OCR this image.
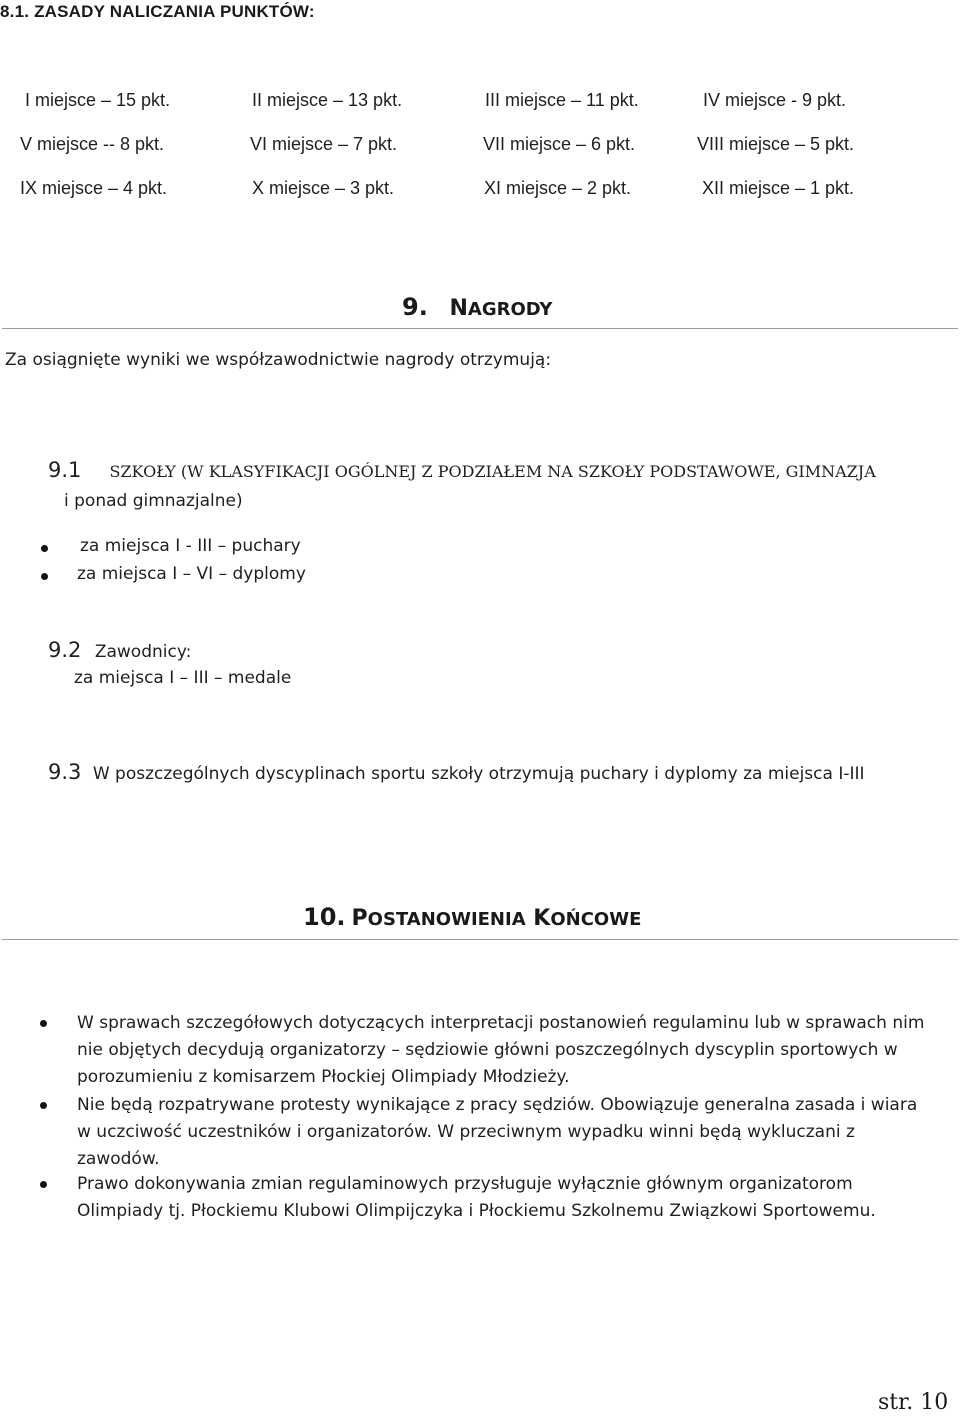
8.1. ZASADY NALICZANIA PUNKTÓW:
I miejsce – 15 pkt.	II miejsce – 13 pkt.	III miejsce – 11 pkt.	IV miejsce - 9 pkt.
V miejsce -- 8 pkt.	VI miejsce – 7 pkt.	VII miejsce – 6 pkt.	VIII miejsce – 5 pkt.
IX miejsce – 4 pkt.	X miejsce – 3 pkt.	XI miejsce – 2 pkt.	XII miejsce – 1 pkt.
9. NAGRODY
Za osiągnięte wyniki we współzawodnictwie nagrody otrzymują:
9.1 SZKOŁY (W KLASYFIKACJI OGÓLNEJ Z PODZIAŁEM NA SZKOŁY PODSTAWOWE, GIMNAZJA
i ponad gimnazjalne)
za miejsca I - III – puchary
za miejsca I – VI – dyplomy
9.2 Zawodnicy:
za miejsca I – III – medale
9.3 W poszczególnych dyscyplinach sportu szkoły otrzymują puchary i dyplomy za miejsca I-III
10. POSTANOWIENIA KOŃCOWE
W sprawach szczegółowych dotyczących interpretacji postanowień regulaminu lub w sprawach nim
nie objętych decydują organizatorzy – sędziowie główni poszczególnych dyscyplin sportowych w
porozumieniu z komisarzem Płockiej Olimpiady Młodzieży.
Nie będą rozpatrywane protesty wynikające z pracy sędziów. Obowiązuje generalna zasada i wiara
w uczciwość uczestników i organizatorów. W przeciwnym wypadku winni będą wykluczani z
zawodów.
Prawo dokonywania zmian regulaminowych przysługuje wyłącznie głównym organizatorom
Olimpiady tj. Płockiemu Klubowi Olimpijczyka i Płockiemu Szkolnemu Związkowi Sportowemu.
str. 10
